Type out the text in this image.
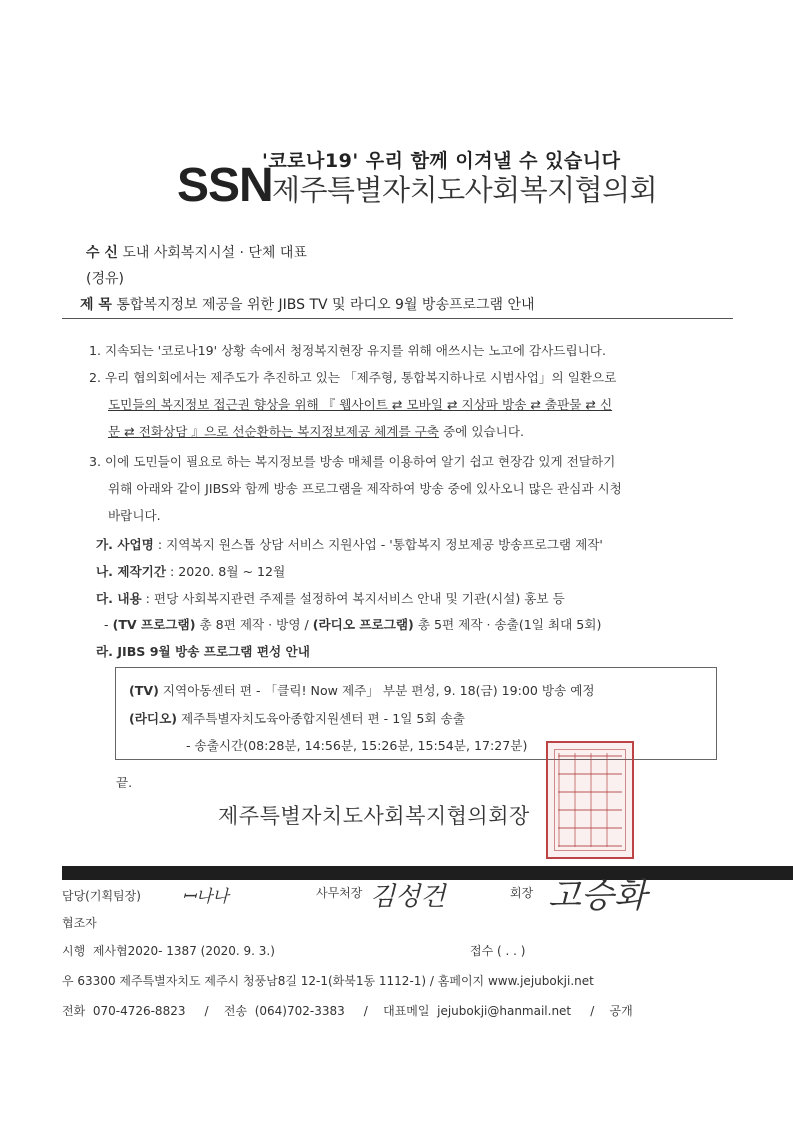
'코로나19' 우리 함께 이겨낼 수 있습니다
SSN 제주특별자치도사회복지협의회
수 신 도내 사회복지시설 · 단체 대표
(경유)
제 목 통합복지정보 제공을 위한 JIBS TV 및 라디오 9월 방송프로그램 안내
1. 지속되는 '코로나19' 상황 속에서 청정복지현장 유지를 위해 애쓰시는 노고에 감사드립니다.
2. 우리 협의회에서는 제주도가 추진하고 있는 「제주형, 통합복지하나로 시범사업」의 일환으로
도민들의 복지정보 접근권 향상을 위해 『 웹사이트 ⇄ 모바일 ⇄ 지상파 방송 ⇄ 출판물 ⇄ 신
문 ⇄ 전화상담 』으로 선순환하는 복지정보제공 체계를 구축 중에 있습니다.
3. 이에 도민들이 필요로 하는 복지정보를 방송 매체를 이용하여 알기 쉽고 현장감 있게 전달하기
위해 아래와 같이 JIBS와 함께 방송 프로그램을 제작하여 방송 중에 있사오니 많은 관심과 시청
바랍니다.
가. 사업명 : 지역복지 원스톱 상담 서비스 지원사업 - '통합복지 정보제공 방송프로그램 제작'
나. 제작기간 : 2020. 8월 ~ 12월
다. 내용 : 편당 사회복지관련 주제를 설정하여 복지서비스 안내 및 기관(시설) 홍보 등
- (TV 프로그램) 총 8편 제작 · 방영 / (라디오 프로그램) 총 5편 제작 · 송출(1일 최대 5회)
라. JIBS 9월 방송 프로그램 편성 안내
(TV) 지역아동센터 편 - 「클릭! Now 제주」 부분 편성, 9. 18(금) 19:00 방송 예정
(라디오) 제주특별자치도육아종합지원센터 편 - 1일 5회 송출
- 송출시간(08:28분, 14:56분, 15:26분, 15:54분, 17:27분)
끝.
제주특별자치도사회복지협의회장
담당(기획팀장) ꟷ나나	사무처장 김성건	회장 고승화
협조자
시행 제사협2020- 1387 (2020. 9. 3.)	접수 ( . . )
우 63300 제주특별자치도 제주시 청풍남8길 12-1(화북1동 1112-1) / 홈페이지 www.jejubokji.net
전화 070-4726-8823     /    전송 (064)702-3383     /    대표메일 jejubokji@hanmail.net     /    공개
